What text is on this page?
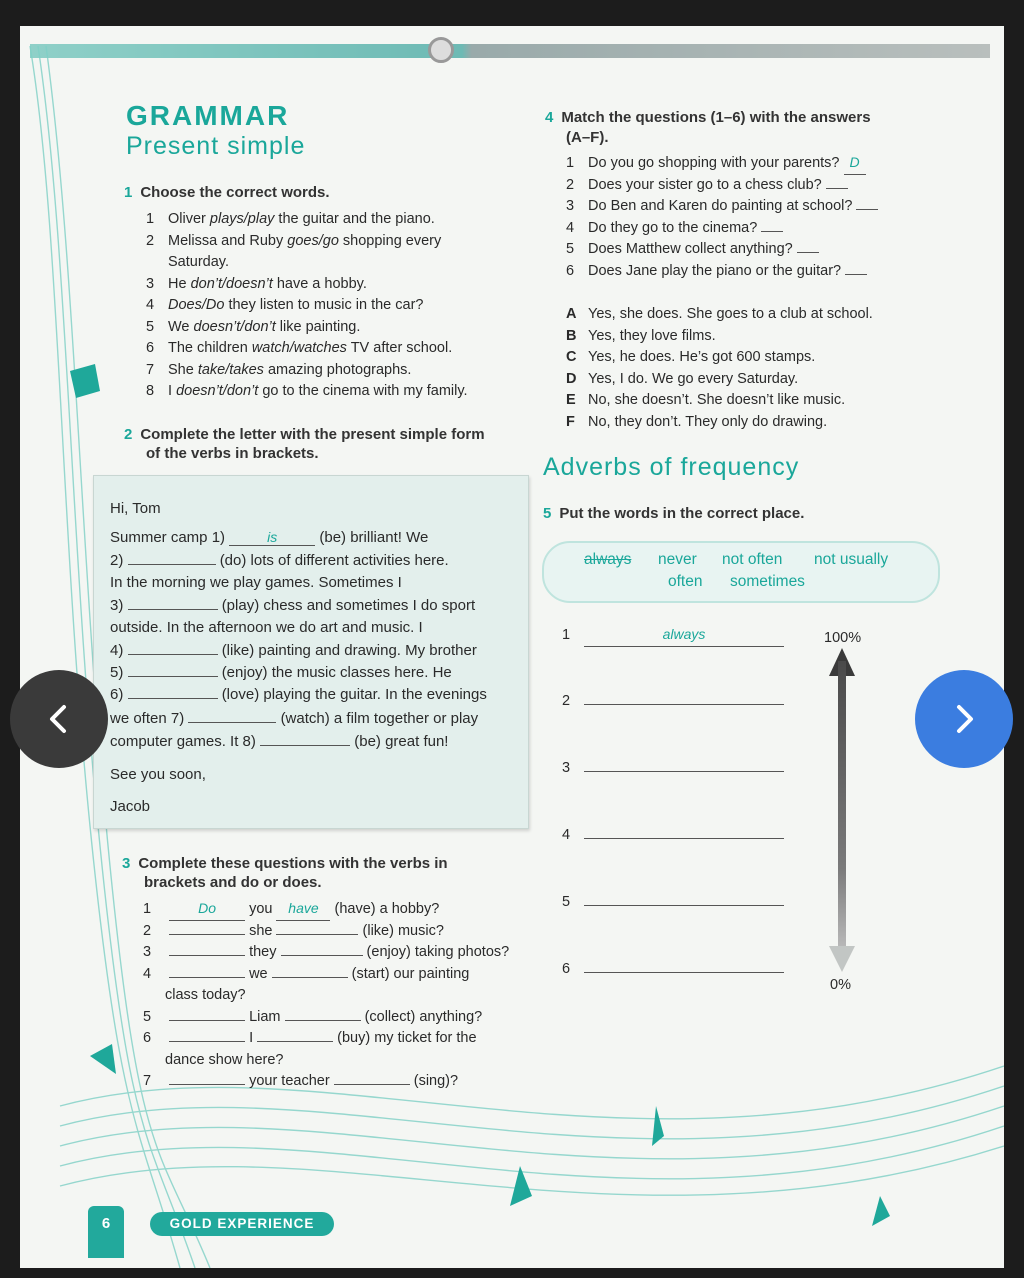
GRAMMAR
Present simple
1 Choose the correct words.
1 Oliver plays/play the guitar and the piano.
2 Melissa and Ruby goes/go shopping every
Saturday.
3 He don’t/doesn’t have a hobby.
4 Does/Do they listen to music in the car?
5 We doesn’t/don’t like painting.
6 The children watch/watches TV after school.
7 She take/takes amazing photographs.
8 I doesn’t/don’t go to the cinema with my family.
2 Complete the letter with the present simple form
of the verbs in brackets.
Hi, Tom
Summer camp 1)	is	(be) brilliant! We
2)	(do) lots of different activities here.
In the morning we play games. Sometimes I
3)	(play) chess and sometimes I do sport
outside. In the afternoon we do art and music. I
4)	(like) painting and drawing. My brother
5)	(enjoy) the music classes here. He
6)	(love) playing the guitar. In the evenings
we often 7)	(watch) a film together or play
computer games. It 8)	(be) great fun!
See you soon,
Jacob
3 Complete these questions with the verbs in
brackets and do or does.
1	Do you have (have) a hobby?
2	she	(like) music?
3	they	(enjoy) taking photos?
4	we	(start) our painting
class today?
5	Liam	(collect) anything?
6	I	(buy) my ticket for the
dance show here?
7	your teacher	(sing)?
4 Match the questions (1–6) with the answers
(A–F).
1 Do you go shopping with your parents? D
2 Does your sister go to a chess club?
3 Do Ben and Karen do painting at school?
4 Do they go to the cinema?
5 Does Matthew collect anything?
6 Does Jane play the piano or the guitar?
A Yes, she does. She goes to a club at school.
B Yes, they love films.
C Yes, he does. He’s got 600 stamps.
D Yes, I do. We go every Saturday.
E No, she doesn’t. She doesn’t like music.
F No, they don’t. They only do drawing.
Adverbs of frequency
5 Put the words in the correct place.
always never not often not usually
often sometimes
1	always
2
3
4
5
6
100%
0%
6	GOLD EXPERIENCE
